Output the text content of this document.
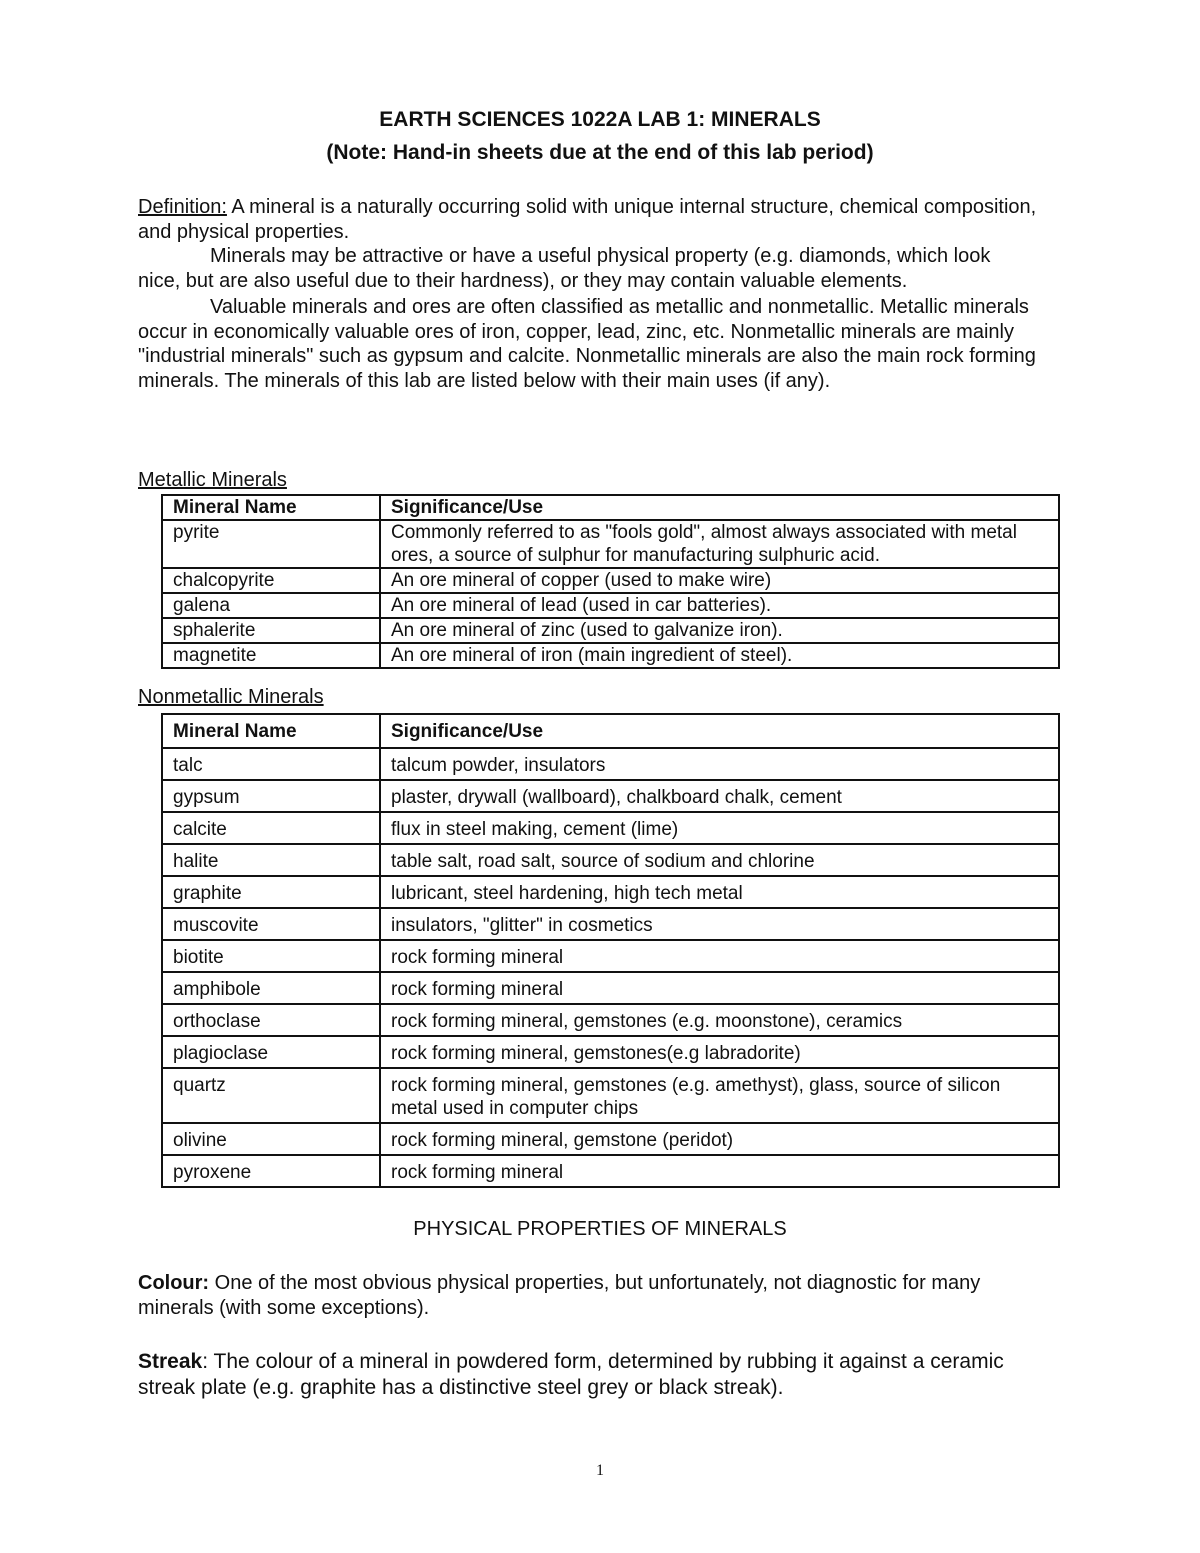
EARTH SCIENCES 1022A LAB 1: MINERALS
(Note: Hand-in sheets due at the end of this lab period)

Definition: A mineral is a naturally occurring solid with unique internal structure, chemical composition, and physical properties.

Minerals may be attractive or have a useful physical property (e.g. diamonds, which look nice, but are also useful due to their hardness), or they may contain valuable elements.

Valuable minerals and ores are often classified as metallic and nonmetallic. Metallic minerals occur in economically valuable ores of iron, copper, lead, zinc, etc. Nonmetallic minerals are mainly "industrial minerals" such as gypsum and calcite. Nonmetallic minerals are also the main rock forming minerals. The minerals of this lab are listed below with their main uses (if any).

Metallic Minerals
Mineral Name	Significance/Use
pyrite	Commonly referred to as "fools gold", almost always associated with metal ores, a source of sulphur for manufacturing sulphuric acid.
chalcopyrite	An ore mineral of copper (used to make wire)
galena	An ore mineral of lead (used in car batteries).
sphalerite	An ore mineral of zinc (used to galvanize iron).
magnetite	An ore mineral of iron (main ingredient of steel).
Nonmetallic Minerals
Mineral Name	Significance/Use
talc	talcum powder, insulators
gypsum	plaster, drywall (wallboard), chalkboard chalk, cement
calcite	flux in steel making, cement (lime)
halite	table salt, road salt, source of sodium and chlorine
graphite	lubricant, steel hardening, high tech metal
muscovite	insulators, "glitter" in cosmetics
biotite	rock forming mineral
amphibole	rock forming mineral
orthoclase	rock forming mineral, gemstones (e.g. moonstone), ceramics
plagioclase	rock forming mineral, gemstones(e.g labradorite)
quartz	rock forming mineral, gemstones (e.g. amethyst), glass, source of silicon metal used in computer chips
olivine	rock forming mineral, gemstone (peridot)
pyroxene	rock forming mineral
PHYSICAL PROPERTIES OF MINERALS

Colour: One of the most obvious physical properties, but unfortunately, not diagnostic for many minerals (with some exceptions).

Streak: The colour of a mineral in powdered form, determined by rubbing it against a ceramic streak plate (e.g. graphite has a distinctive steel grey or black streak).

1
